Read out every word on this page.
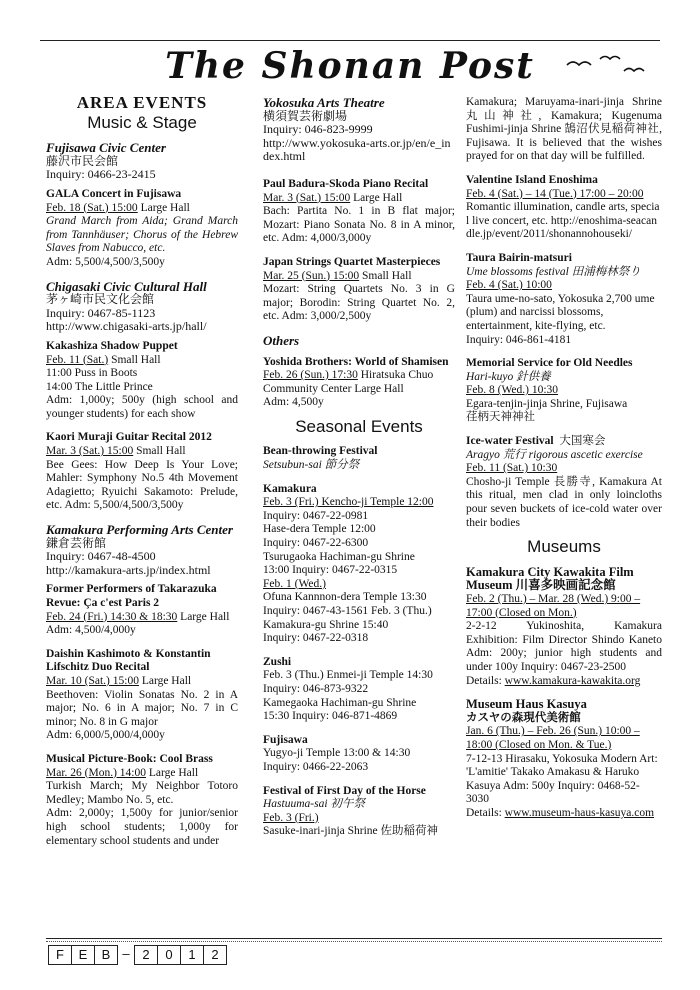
The Shonan Post
AREA EVENTS
Music & Stage
Fujisawa Civic Center
藤沢市民会館
Inquiry: 0466-23-2415
GALA Concert in Fujisawa
Feb. 18 (Sat.) 15:00 Large Hall
Grand March from Aida; Grand March from Tannhäuser; Chorus of the Hebrew Slaves from Nabucco, etc.
Adm: 5,500/4,500/3,500y
Chigasaki Civic Cultural Hall
茅ヶ崎市民文化会館
Inquiry: 0467-85-1123
http://www.chigasaki-arts.jp/hall/
Kakashiza Shadow Puppet
Feb. 11 (Sat.) Small Hall
11:00 Puss in Boots
14:00 The Little Prince
Adm: 1,000y; 500y (high school and younger students) for each show
Kaori Muraji Guitar Recital 2012
Mar. 3 (Sat.) 15:00 Small Hall
Bee Gees: How Deep Is Your Love; Mahler: Symphony No.5 4th Movement Adagietto; Ryuichi Sakamoto: Prelude, etc. Adm: 5,500/4,500/3,500y
Kamakura Performing Arts Center
鎌倉芸術館
Inquiry: 0467-48-4500
http://kamakura-arts.jp/index.html
Former Performers of Takarazuka Revue: Ça c'est Paris 2
Feb. 24 (Fri.) 14:30 & 18:30 Large Hall
Adm: 4,500/4,000y
Daishin Kashimoto & Konstantin Lifschitz Duo Recital
Mar. 10 (Sat.) 15:00 Large Hall
Beethoven: Violin Sonatas No. 2 in A major; No. 6 in A major; No. 7 in C minor; No. 8 in G major
Adm: 6,000/5,000/4,000y
Musical Picture-Book: Cool Brass
Mar. 26 (Mon.) 14:00 Large Hall
Turkish March; My Neighbor Totoro Medley; Mambo No. 5, etc.
Adm: 2,000y; 1,500y for junior/senior high school students; 1,000y for elementary school students and under
Yokosuka Arts Theatre
横須賀芸術劇場
Inquiry: 046-823-9999
http://www.yokosuka-arts.or.jp/en/e_index.html
Paul Badura-Skoda Piano Recital
Mar. 3 (Sat.) 15:00 Large Hall
Bach: Partita No. 1 in B flat major; Mozart: Piano Sonata No. 8 in A minor, etc. Adm: 4,000/3,000y
Japan Strings Quartet Masterpieces
Mar. 25 (Sun.) 15:00 Small Hall
Mozart: String Quartets No. 3 in G major; Borodin: String Quartet No. 2, etc. Adm: 3,000/2,500y
Others
Yoshida Brothers: World of Shamisen
Feb. 26 (Sun.) 17:30 Hiratsuka Chuo Community Center Large Hall
Adm: 4,500y
Seasonal Events
Bean-throwing Festival
Setsubun-sai 節分祭
Kamakura
Feb. 3 (Fri.) Kencho-ji Temple 12:00
Inquiry: 0467-22-0981
Hase-dera Temple 12:00
Inquiry: 0467-22-6300
Tsurugaoka Hachiman-gu Shrine
13:00 Inquiry: 0467-22-0315
Feb. 1 (Wed.)
Ofuna Kannnon-dera Temple 13:30
Inquiry: 0467-43-1561 Feb. 3 (Thu.)
Kamakura-gu Shrine 15:40
Inquiry: 0467-22-0318
Zushi
Feb. 3 (Thu.) Enmei-ji Temple 14:30
Inquiry: 046-873-9322
Kamegaoka Hachiman-gu Shrine
15:30 Inquiry: 046-871-4869
Fujisawa
Yugyo-ji Temple 13:00 & 14:30
Inquiry: 0466-22-2063
Festival of First Day of the Horse
Hastuuma-sai 初午祭
Feb. 3 (Fri.)
Sasuke-inari-jinja Shrine 佐助稲荷神
Kamakura; Maruyama-inari-jinja Shrine 丸山神社, Kamakura; Kugenuma Fushimi-jinja Shrine 鵠沼伏見稲荷神社, Fujisawa. It is believed that the wishes prayed for on that day will be fulfilled.
Valentine Island Enoshima
Feb. 4 (Sat.) – 14 (Tue.) 17:00 – 20:00
Romantic illumination, candle arts, special live concert, etc. http://enoshima-seacandle.jp/event/2011/shonannohouseki/
Taura Bairin-matsuri
Ume blossoms festival 田浦梅林祭り
Feb. 4 (Sat.) 10:00
Taura ume-no-sato, Yokosuka 2,700 ume (plum) and narcissi blossoms, entertainment, kite-flying, etc.
Inquiry: 046-861-4181
Memorial Service for Old Needles
Hari-kuyo 針供養
Feb. 8 (Wed.) 10:30
Egara-tenjin-jinja Shrine, Fujisawa
荏柄天神神社
Ice-water Festival 大国寒会
Aragyo 荒行 rigorous ascetic exercise
Feb. 11 (Sat.) 10:30
Chosho-ji Temple 長勝寺, Kamakura At this ritual, men clad in only loincloths pour seven buckets of ice-cold water over their bodies
Museums
Kamakura City Kawakita Film Museum 川喜多映画記念館
Feb. 2 (Thu.) – Mar. 28 (Wed.) 9:00 – 17:00 (Closed on Mon.)
2-2-12 Yukinoshita, Kamakura Exhibition: Film Director Shindo Kaneto Adm: 200y; junior high students and under 100y Inquiry: 0467-23-2500
Details: www.kamakura-kawakita.org
Museum Haus Kasuya
カスヤの森現代美術館
Jan. 6 (Thu.) – Feb. 26 (Sun.) 10:00 – 18:00 (Closed on Mon. & Tue.)
7-12-13 Hirasaku, Yokosuka Modern Art: 'L'amitie' Takako Amakasu & Haruko Kasuya Adm: 500y Inquiry: 0468-52-3030
Details: www.museum-haus-kasuya.com
F	E	B – 2	0	1	2
